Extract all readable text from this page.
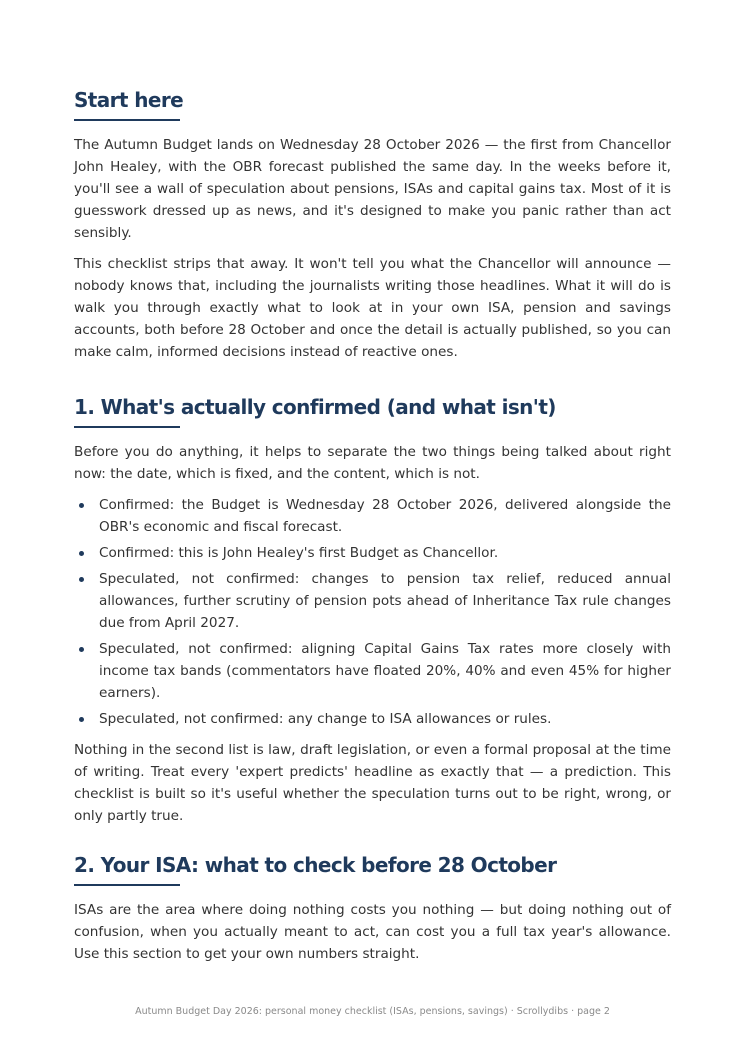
Start here

The Autumn Budget lands on Wednesday 28 October 2026 — the first from Chancellor John Healey, with the OBR forecast published the same day. In the weeks before it, you'll see a wall of speculation about pensions, ISAs and capital gains tax. Most of it is guesswork dressed up as news, and it's designed to make you panic rather than act sensibly.

This checklist strips that away. It won't tell you what the Chancellor will announce — nobody knows that, including the journalists writing those headlines. What it will do is walk you through exactly what to look at in your own ISA, pension and savings accounts, both before 28 October and once the detail is actually published, so you can make calm, informed decisions instead of reactive ones.

1. What's actually confirmed (and what isn't)

Before you do anything, it helps to separate the two things being talked about right now: the date, which is fixed, and the content, which is not.

Confirmed: the Budget is Wednesday 28 October 2026, delivered alongside the OBR's economic and fiscal forecast.
Confirmed: this is John Healey's first Budget as Chancellor.
Speculated, not confirmed: changes to pension tax relief, reduced annual allowances, further scrutiny of pension pots ahead of Inheritance Tax rule changes due from April 2027.
Speculated, not confirmed: aligning Capital Gains Tax rates more closely with income tax bands (commentators have floated 20%, 40% and even 45% for higher earners).
Speculated, not confirmed: any change to ISA allowances or rules.

Nothing in the second list is law, draft legislation, or even a formal proposal at the time of writing. Treat every 'expert predicts' headline as exactly that — a prediction. This checklist is built so it's useful whether the speculation turns out to be right, wrong, or only partly true.

2. Your ISA: what to check before 28 October

ISAs are the area where doing nothing costs you nothing — but doing nothing out of confusion, when you actually meant to act, can cost you a full tax year's allowance. Use this section to get your own numbers straight.

Autumn Budget Day 2026: personal money checklist (ISAs, pensions, savings) · Scrollydibs · page 2
